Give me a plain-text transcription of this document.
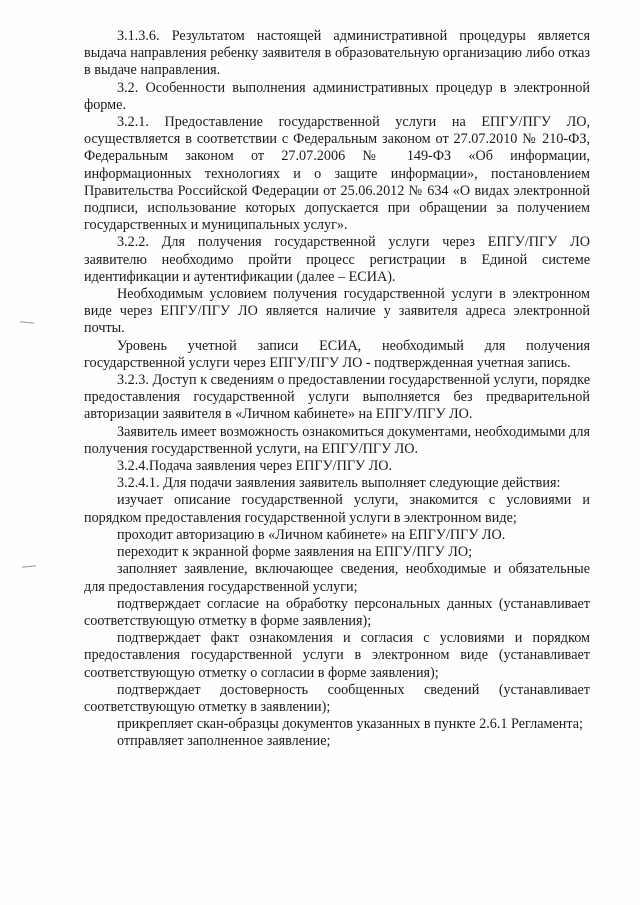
3.1.3.6. Результатом настоящей административной процедуры является выдача направления ребенку заявителя в образовательную организацию либо отказ в выдаче направления.

3.2. Особенности выполнения административных процедур в электронной форме.

3.2.1. Предоставление государственной услуги на ЕПГУ/ПГУ ЛО, осуществляется в соответствии с Федеральным законом от 27.07.2010 № 210-ФЗ, Федеральным законом от 27.07.2006 № 149-ФЗ «Об информации, информационных технологиях и о защите информации», постановлением Правительства Российской Федерации от 25.06.2012 № 634 «О видах электронной подписи, использование которых допускается при обращении за получением государственных и муниципальных услуг».

3.2.2. Для получения государственной услуги через ЕПГУ/ПГУ ЛО заявителю необходимо пройти процесс регистрации в Единой системе идентификации и аутентификации (далее – ЕСИА).

Необходимым условием получения государственной услуги в электронном виде через ЕПГУ/ПГУ ЛО является наличие у заявителя адреса электронной почты.

Уровень учетной записи ЕСИА, необходимый для получения государственной услуги через ЕПГУ/ПГУ ЛО - подтвержденная учетная запись.

3.2.3. Доступ к сведениям о предоставлении государственной услуги, порядке предоставления государственной услуги выполняется без предварительной авторизации заявителя в «Личном кабинете» на ЕПГУ/ПГУ ЛО.

Заявитель имеет возможность ознакомиться документами, необходимыми для получения государственной услуги, на ЕПГУ/ПГУ ЛО.

3.2.4.Подача заявления через ЕПГУ/ПГУ ЛО.

3.2.4.1. Для подачи заявления заявитель выполняет следующие действия:

изучает описание государственной услуги, знакомится с условиями и порядком предоставления государственной услуги в электронном виде;

проходит авторизацию в «Личном кабинете» на ЕПГУ/ПГУ ЛО.

переходит к экранной форме заявления на ЕПГУ/ПГУ ЛО;

заполняет заявление, включающее сведения, необходимые и обязательные для предоставления государственной услуги;

подтверждает согласие на обработку персональных данных (устанавливает соответствующую отметку в форме заявления);

подтверждает факт ознакомления и согласия с условиями и порядком предоставления государственной услуги в электронном виде (устанавливает соответствующую отметку о согласии в форме заявления);

подтверждает достоверность сообщенных сведений (устанавливает соответствующую отметку в заявлении);

прикрепляет скан-образцы документов указанных в пункте 2.6.1 Регламента;

отправляет заполненное заявление;
